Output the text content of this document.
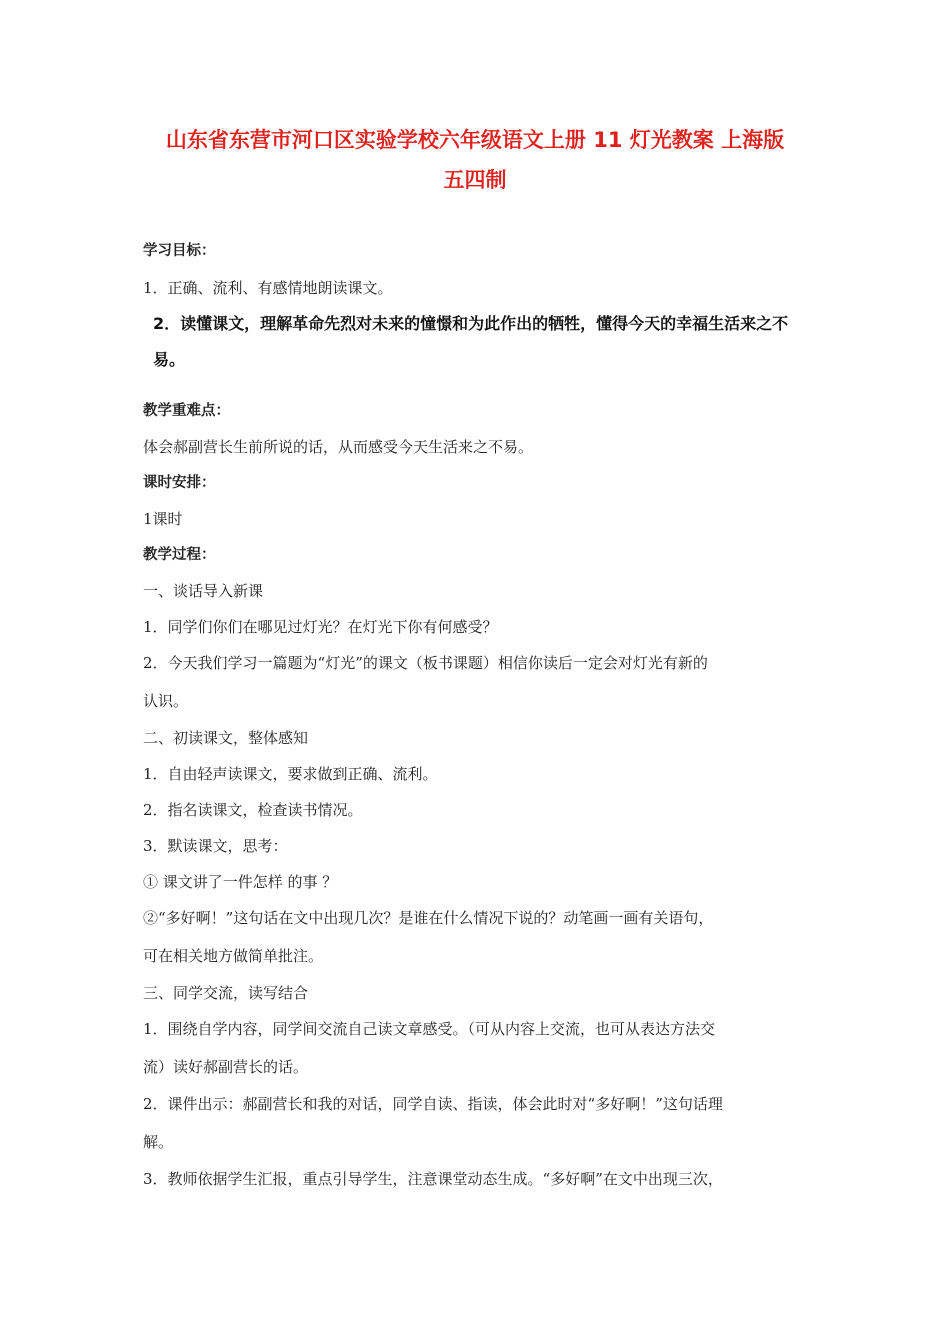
山东省东营市河口区实验学校六年级语文上册 11 灯光教案 上海版
五四制
学习目标：
1．正确、流利、有感情地朗读课文。
2．读懂课文，理解革命先烈对未来的憧憬和为此作出的牺牲，懂得今天的幸福生活来之不
易。
教学重难点：
体会郝副营长生前所说的话，从而感受今天生活来之不易。
课时安排：
1课时
教学过程：
一、谈话导入新课
1．同学们你们在哪见过灯光？在灯光下你有何感受？
2．今天我们学习一篇题为“灯光”的课文（板书课题）相信你读后一定会对灯光有新的
认识。
二、初读课文，整体感知
1．自由轻声读课文，要求做到正确、流利。
2．指名读课文，检查读书情况。
3．默读课文，思考：
① 课文讲了一件怎样 的事 ？
②“多好啊！”这句话在文中出现几次？是谁在什么情况下说的？动笔画一画有关语句，
可在相关地方做简单批注。
三、同学交流，读写结合
1．围绕自学内容，同学间交流自己读文章感受。（可从内容上交流，也可从表达方法交
流）读好郝副营长的话。
2．课件出示：郝副营长和我的对话，同学自读、指读，体会此时对“多好啊！”这句话理
解。
3．教师依据学生汇报，重点引导学生，注意课堂动态生成。“多好啊”在文中出现三次，
